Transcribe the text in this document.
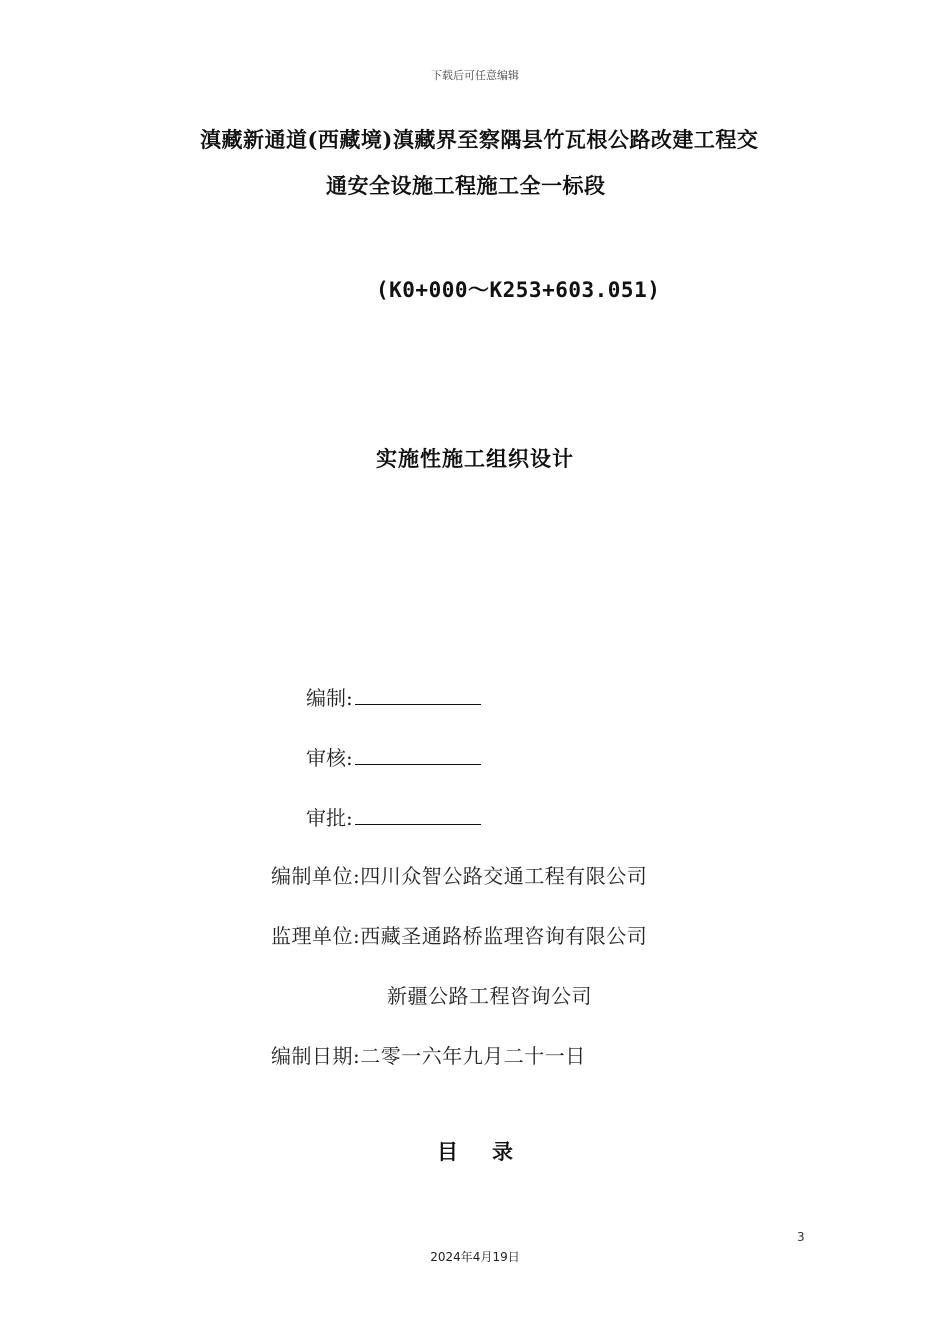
下载后可任意编辑
滇藏新通道(西藏境)滇藏界至察隅县竹瓦根公路改建工程交
通安全设施工程施工全一标段
(K0+000～K253+603.051)
实施性施工组织设计
编制:
审核:
审批:
编制单位:四川众智公路交通工程有限公司
监理单位:西藏圣通路桥监理咨询有限公司
新疆公路工程咨询公司
编制日期:二零一六年九月二十一日
目 录
3
2024年4月19日
